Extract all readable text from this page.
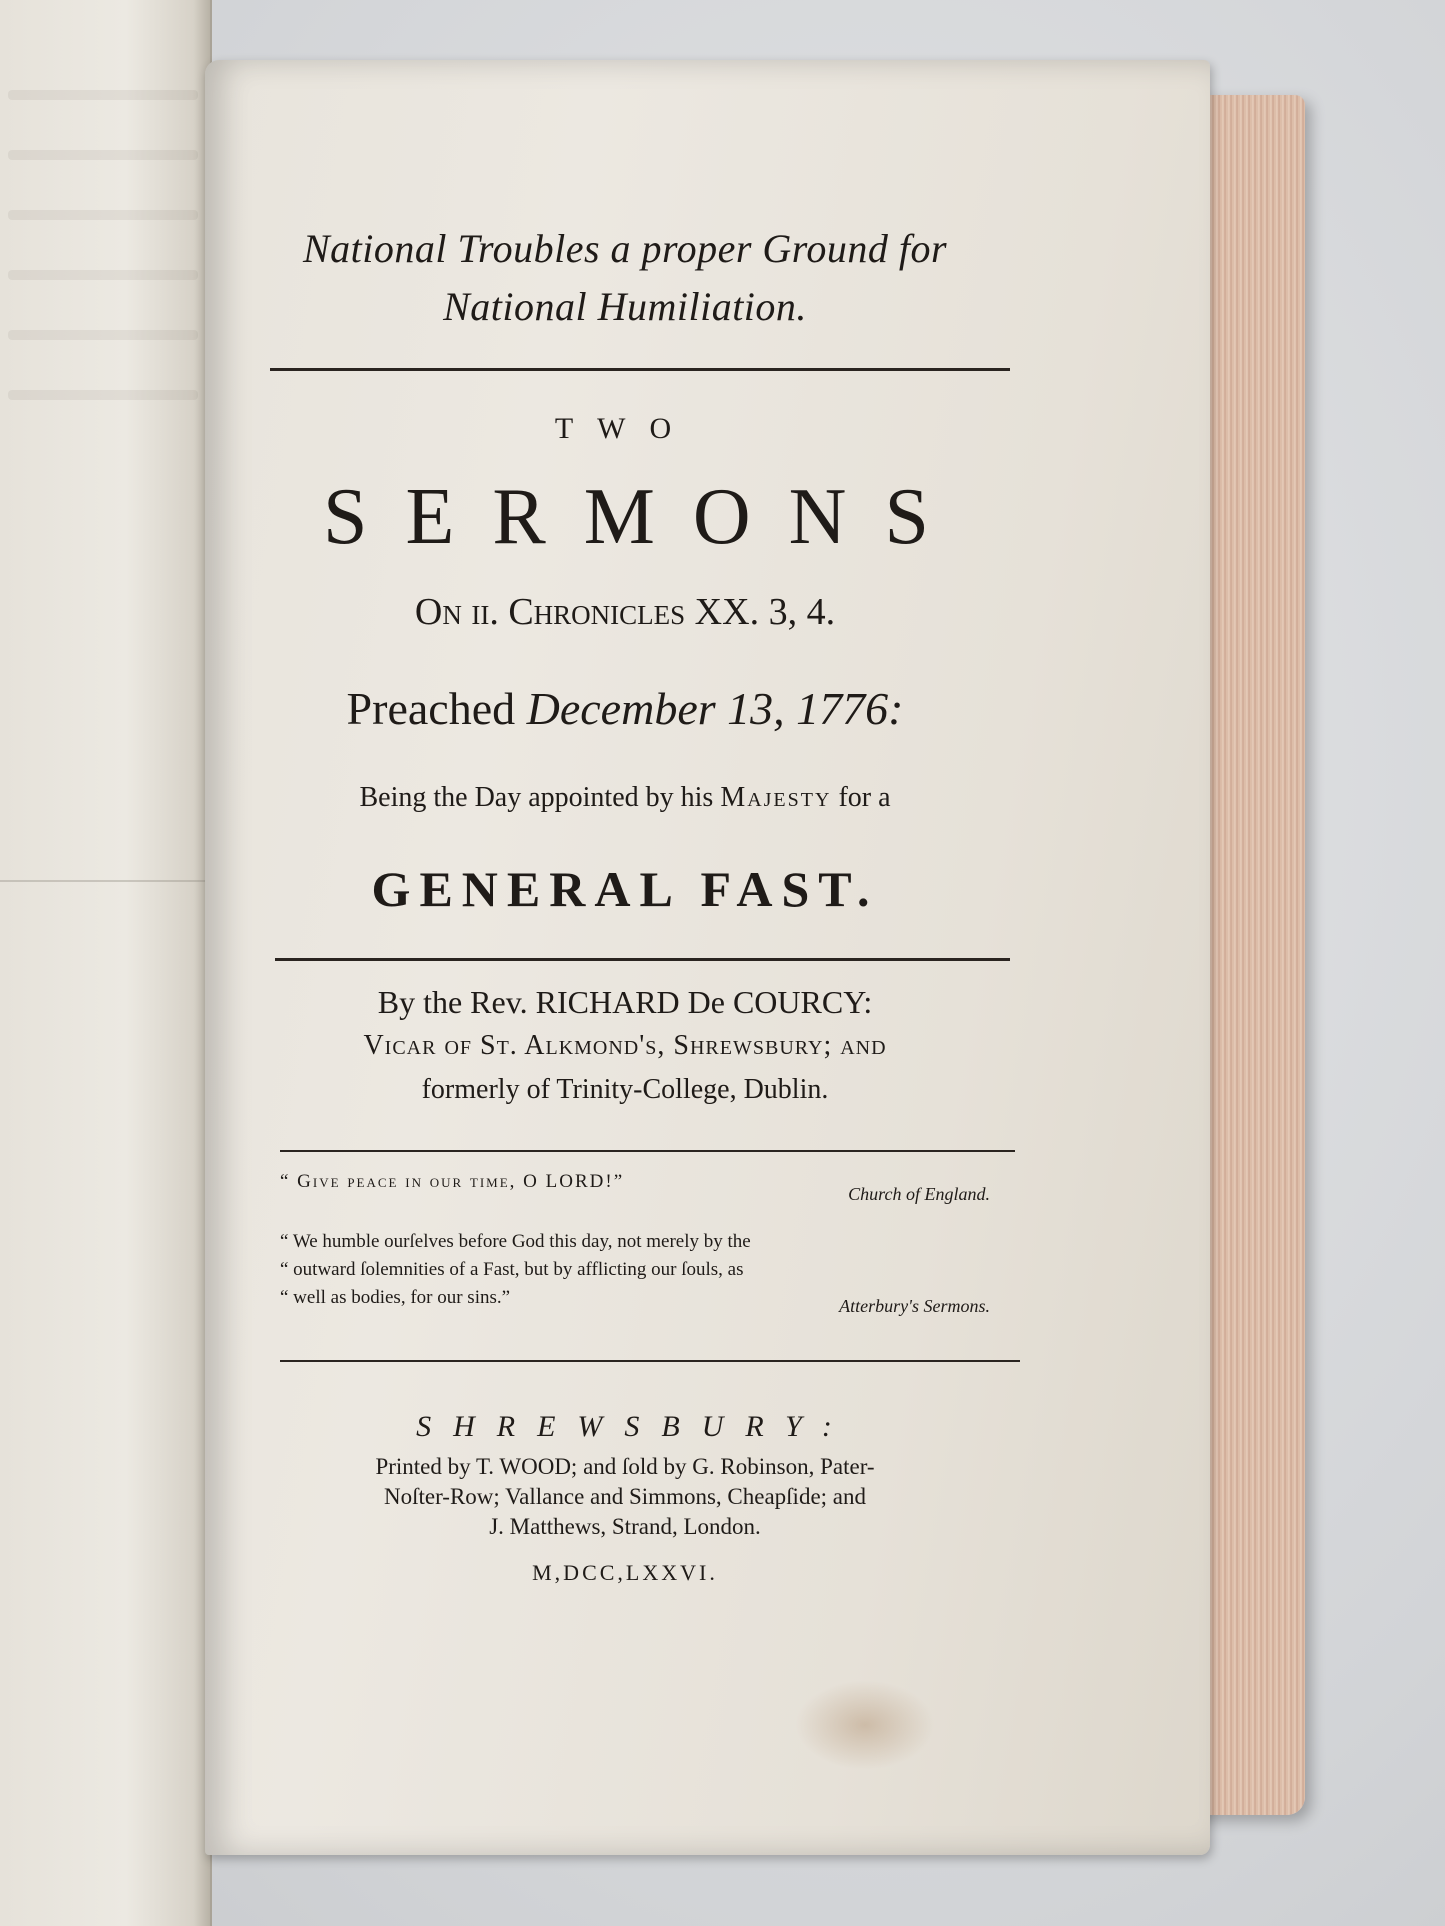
National Troubles a proper Ground for

National Humiliation.

TWO

SERMONS

On ii. Chronicles XX. 3, 4.

Preached December 13, 1776:

Being the Day appointed by his Majesty for a

GENERAL FAST.

By the Rev. RICHARD De COURCY:

Vicar of St. Alkmond's, Shrewsbury; and

formerly of Trinity-College, Dublin.

“ Give peace in our time, O LORD!”
Church of England.
“ We humble ourſelves before God this day, not merely by the
“ outward ſolemnities of a Fast, but by afflicting our ſouls, as
“ well as bodies, for our sins.”	Atterbury's Sermons.

SHREWSBURY:

Printed by T. WOOD; and ſold by G. Robinson, Pater-

Noſter-Row; Vallance and Simmons, Cheapſide; and

J. Matthews, Strand, London.

M,DCC,LXXVI.
